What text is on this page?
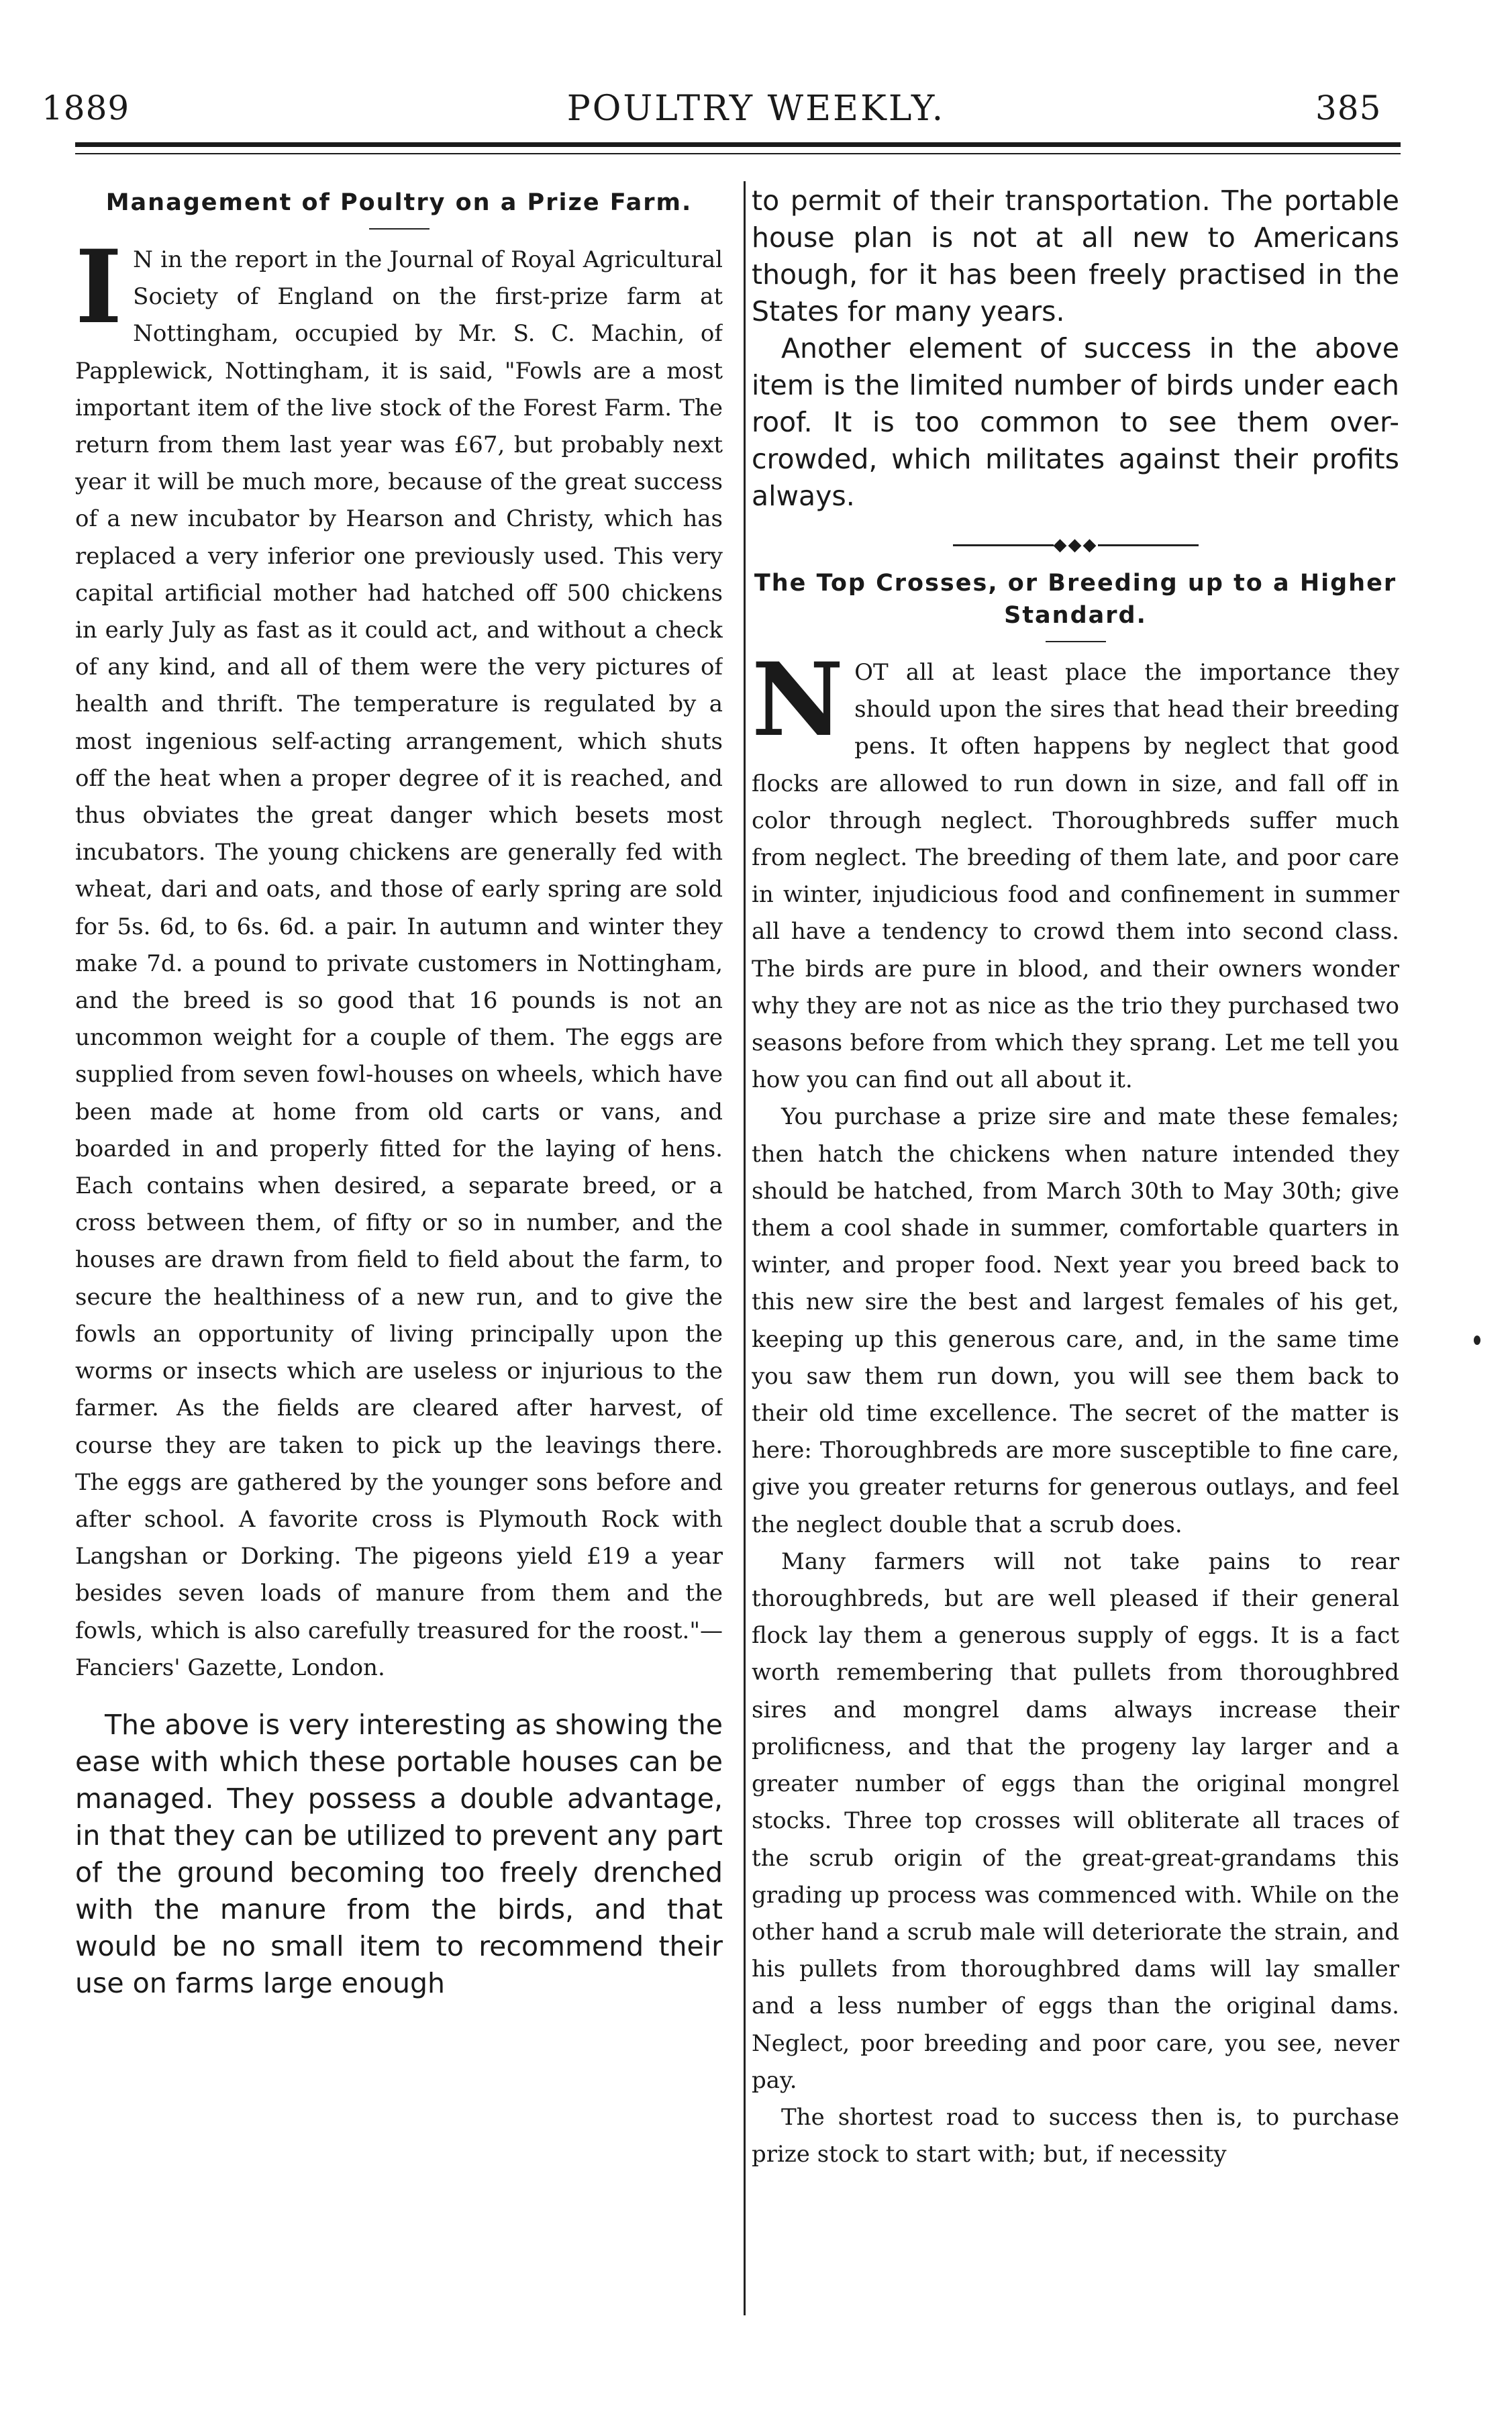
1889	POULTRY WEEKLY.	385
Management of Poultry on a Prize Farm.

I N in the report in the Journal of Royal Agricultural Society of England on the first-prize farm at Nottingham, occupied by Mr. S. C. Machin, of Papplewick, Nottingham, it is said, "Fowls are a most important item of the live stock of the Forest Farm. The return from them last year was £67, but probably next year it will be much more, because of the great success of a new incubator by Hearson and Christy, which has replaced a very inferior one previously used. This very capital artificial mother had hatched off 500 chickens in early July as fast as it could act, and without a check of any kind, and all of them were the very pictures of health and thrift. The temperature is regulated by a most ingenious self-acting arrangement, which shuts off the heat when a proper degree of it is reached, and thus obviates the great danger which besets most incubators. The young chickens are generally fed with wheat, dari and oats, and those of early spring are sold for 5s. 6d, to 6s. 6d. a pair. In autumn and winter they make 7d. a pound to private customers in Nottingham, and the breed is so good that 16 pounds is not an uncommon weight for a couple of them. The eggs are supplied from seven fowl-houses on wheels, which have been made at home from old carts or vans, and boarded in and properly fitted for the laying of hens. Each contains when desired, a separate breed, or a cross between them, of fifty or so in number, and the houses are drawn from field to field about the farm, to secure the healthiness of a new run, and to give the fowls an opportunity of living principally upon the worms or insects which are useless or injurious to the farmer. As the fields are cleared after harvest, of course they are taken to pick up the leavings there. The eggs are gathered by the younger sons before and after school. A favorite cross is Plymouth Rock with Langshan or Dorking. The pigeons yield £19 a year besides seven loads of manure from them and the fowls, which is also carefully treasured for the roost."—Fanciers' Gazette, London.

The above is very interesting as showing the ease with which these portable houses can be managed. They possess a double advantage, in that they can be utilized to prevent any part of the ground becoming too freely drenched with the manure from the birds, and that would be no small item to recommend their use on farms large enough

to permit of their transportation. The portable house plan is not at all new to Americans though, for it has been freely practised in the States for many years.

Another element of success in the above item is the limited number of birds under each roof. It is too common to see them over-crowded, which militates against their profits always.

◆◆◆
The Top Crosses, or Breeding up to a Higher Standard.

NOT all at least place the importance they should upon the sires that head their breeding pens. It often happens by neglect that good flocks are allowed to run down in size, and fall off in color through neglect. Thoroughbreds suffer much from neglect. The breeding of them late, and poor care in winter, injudicious food and confinement in summer all have a tendency to crowd them into second class. The birds are pure in blood, and their owners wonder why they are not as nice as the trio they purchased two seasons before from which they sprang. Let me tell you how you can find out all about it.

You purchase a prize sire and mate these females; then hatch the chickens when nature intended they should be hatched, from March 30th to May 30th; give them a cool shade in summer, comfortable quarters in winter, and proper food. Next year you breed back to this new sire the best and largest females of his get, keeping up this generous care, and, in the same time you saw them run down, you will see them back to their old time excellence. The secret of the matter is here: Thoroughbreds are more susceptible to fine care, give you greater returns for generous outlays, and feel the neglect double that a scrub does.

Many farmers will not take pains to rear thoroughbreds, but are well pleased if their general flock lay them a generous supply of eggs. It is a fact worth remembering that pullets from thoroughbred sires and mongrel dams always increase their prolificness, and that the progeny lay larger and a greater number of eggs than the original mongrel stocks. Three top crosses will obliterate all traces of the scrub origin of the great-great-grandams this grading up process was commenced with. While on the other hand a scrub male will deteriorate the strain, and his pullets from thoroughbred dams will lay smaller and a less number of eggs than the original dams. Neglect, poor breeding and poor care, you see, never pay.

The shortest road to success then is, to purchase prize stock to start with; but, if necessity
